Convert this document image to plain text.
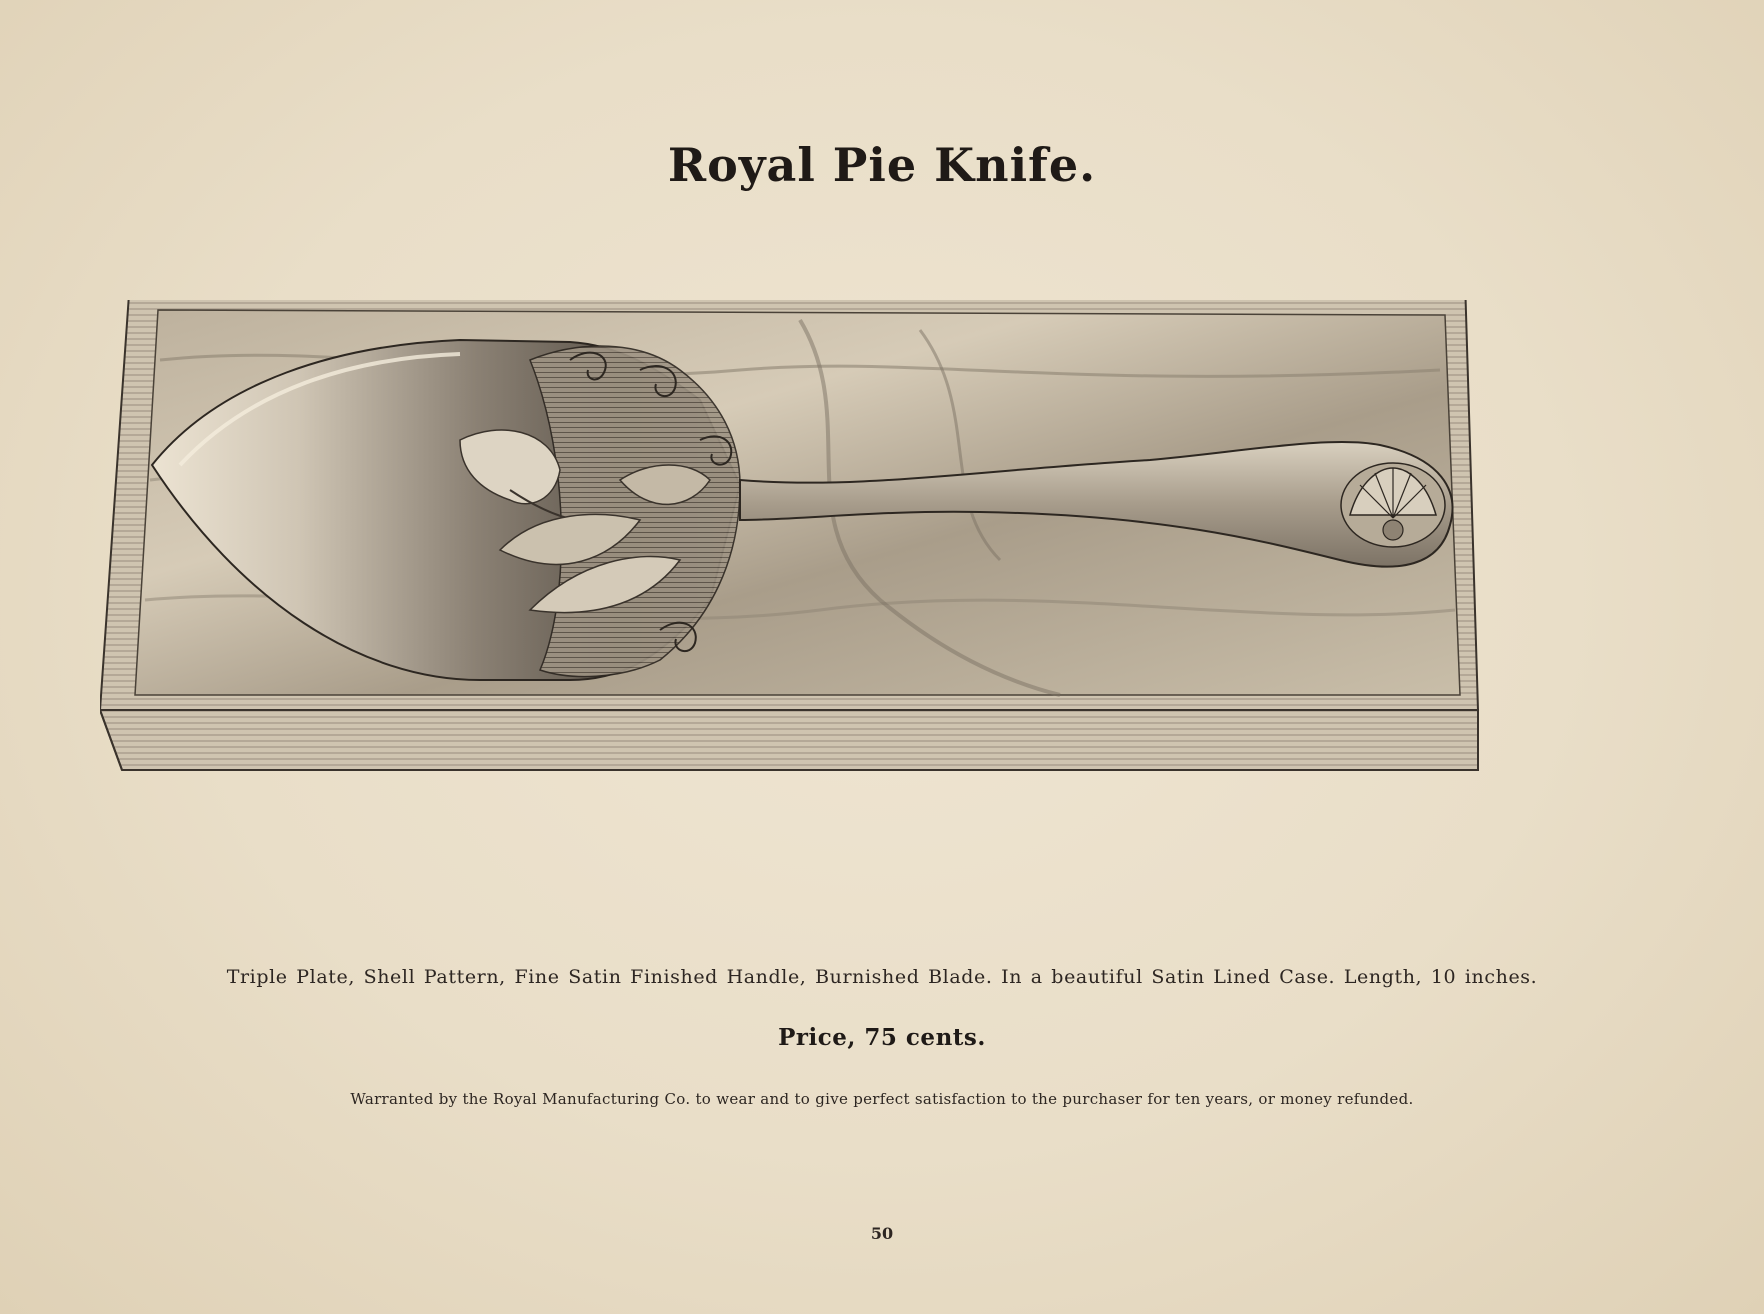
Royal Pie Knife.
Triple Plate, Shell Pattern, Fine Satin Finished Handle, Burnished Blade. In a beautiful Satin Lined Case. Length, 10 inches.
Price, 75 cents.
Warranted by the Royal Manufacturing Co. to wear and to give perfect satisfaction to the purchaser for ten years, or money refunded.
50
